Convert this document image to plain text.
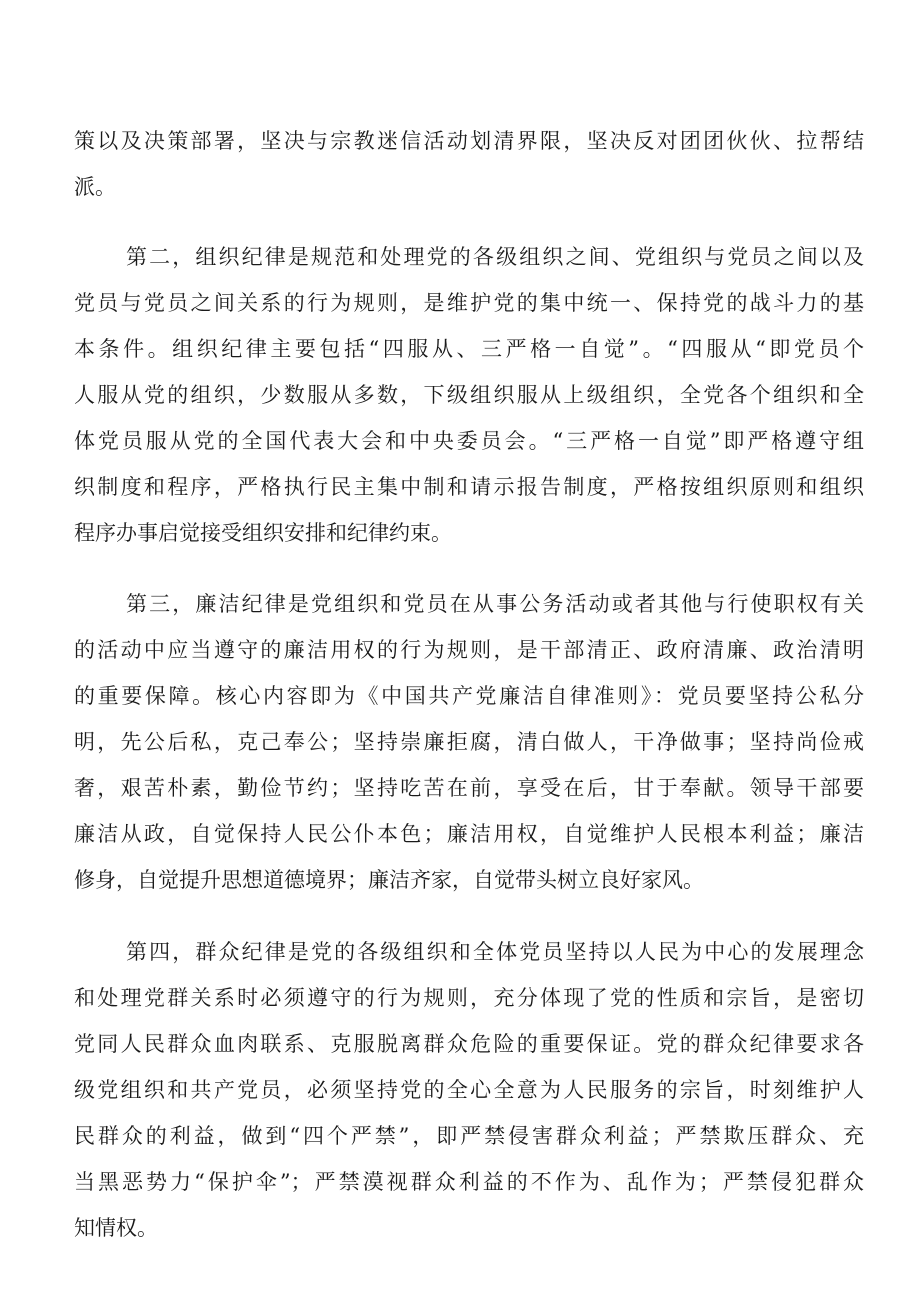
策以及决策部署，坚决与宗教迷信活动划清界限，坚决反对团团伙伙、拉帮结
派。
第二，组织纪律是规范和处理党的各级组织之间、党组织与党员之间以及
党员与党员之间关系的行为规则，是维护党的集中统一、保持党的战斗力的基
本条件。组织纪律主要包括“四服从、三严格一自觉”。“四服从“即党员个
人服从党的组织，少数服从多数，下级组织服从上级组织，全党各个组织和全
体党员服从党的全国代表大会和中央委员会。“三严格一自觉”即严格遵守组
织制度和程序，严格执行民主集中制和请示报告制度，严格按组织原则和组织
程序办事启觉接受组织安排和纪律约束。
第三，廉洁纪律是党组织和党员在从事公务活动或者其他与行使职权有关
的活动中应当遵守的廉洁用权的行为规则，是干部清正、政府清廉、政治清明
的重要保障。核心内容即为《中国共产党廉洁自律准则》：党员要坚持公私分
明，先公后私，克己奉公；坚持崇廉拒腐，清白做人，干净做事；坚持尚俭戒
奢，艰苦朴素，勤俭节约；坚持吃苦在前，享受在后，甘于奉献。领导干部要
廉洁从政，自觉保持人民公仆本色；廉洁用权，自觉维护人民根本利益；廉洁
修身，自觉提升思想道德境界；廉洁齐家，自觉带头树立良好家风。
第四，群众纪律是党的各级组织和全体党员坚持以人民为中心的发展理念
和处理党群关系时必须遵守的行为规则，充分体现了党的性质和宗旨，是密切
党同人民群众血肉联系、克服脱离群众危险的重要保证。党的群众纪律要求各
级党组织和共产党员，必须坚持党的全心全意为人民服务的宗旨，时刻维护人
民群众的利益，做到“四个严禁”，即严禁侵害群众利益；严禁欺压群众、充
当黑恶势力“保护伞”；严禁漠视群众利益的不作为、乱作为；严禁侵犯群众
知情权。
